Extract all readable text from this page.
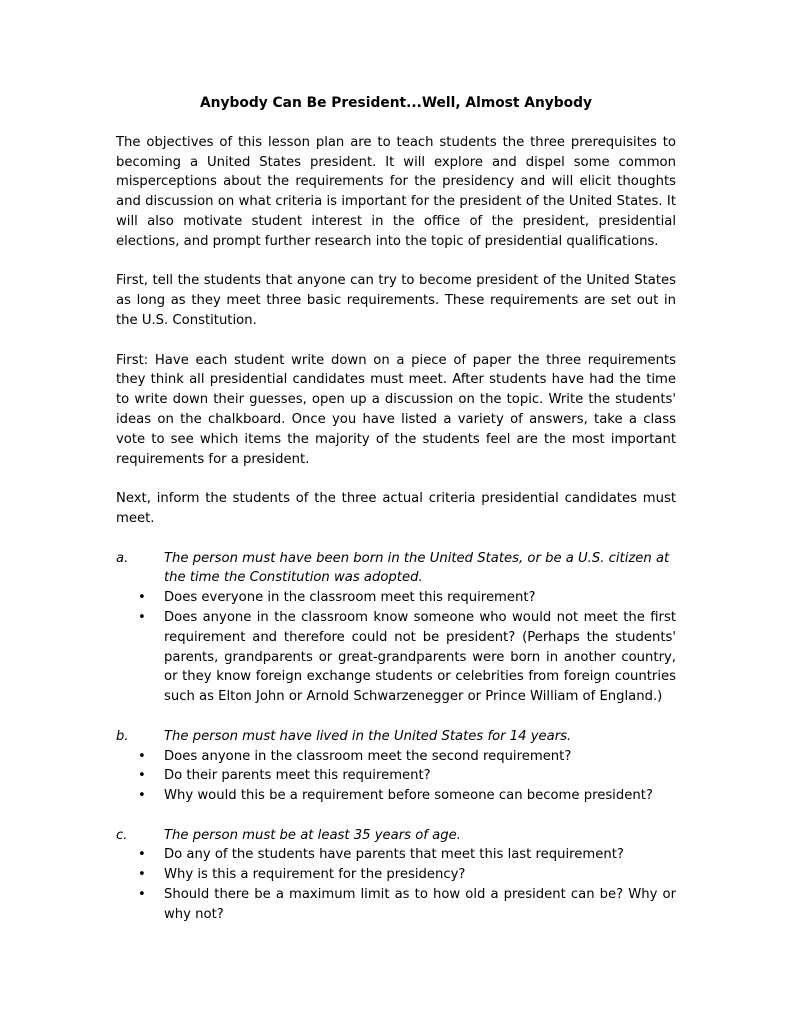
Anybody Can Be President...Well, Almost Anybody

The objectives of this lesson plan are to teach students the three prerequisites to becoming a United States president. It will explore and dispel some common misperceptions about the requirements for the presidency and will elicit thoughts and discussion on what criteria is important for the president of the United States. It will also motivate student interest in the office of the president, presidential elections, and prompt further research into the topic of presidential qualifications.

First, tell the students that anyone can try to become president of the United States as long as they meet three basic requirements. These requirements are set out in the U.S. Constitution.

First: Have each student write down on a piece of paper the three requirements they think all presidential candidates must meet. After students have had the time to write down their guesses, open up a discussion on the topic. Write the students' ideas on the chalkboard. Once you have listed a variety of answers, take a class vote to see which items the majority of the students feel are the most important requirements for a president.

Next, inform the students of the three actual criteria presidential candidates must meet.

a.	The person must have been born in the United States, or be a U.S. citizen at the time the Constitution was adopted.
•	Does everyone in the classroom meet this requirement?
•	Does anyone in the classroom know someone who would not meet the first requirement and therefore could not be president? (Perhaps the students' parents, grandparents or great-grandparents were born in another country, or they know foreign exchange students or celebrities from foreign countries such as Elton John or Arnold Schwarzenegger or Prince William of England.)
b.	The person must have lived in the United States for 14 years.
•	Does anyone in the classroom meet the second requirement?
•	Do their parents meet this requirement?
•	Why would this be a requirement before someone can become president?
c.	The person must be at least 35 years of age.
•	Do any of the students have parents that meet this last requirement?
•	Why is this a requirement for the presidency?
•	Should there be a maximum limit as to how old a president can be? Why or why not?
